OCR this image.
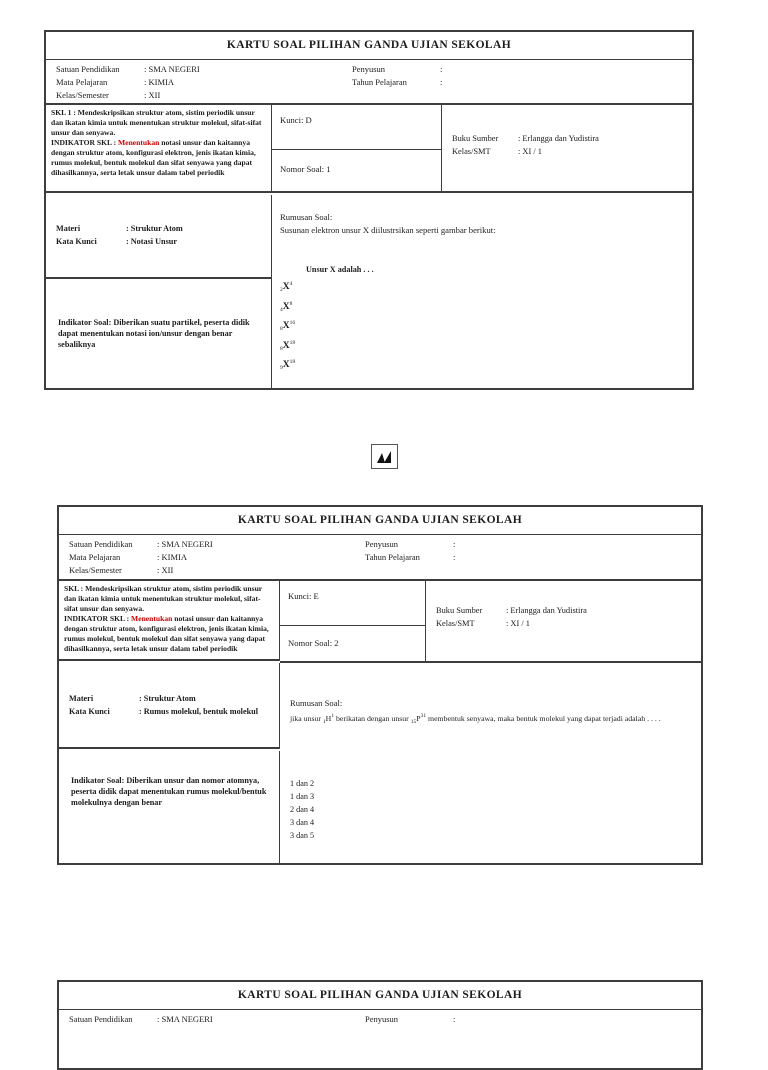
KARTU SOAL PILIHAN GANDA UJIAN SEKOLAH
Satuan Pendidikan	: SMA NEGERI
Mata Pelajaran	: KIMIA
Kelas/Semester	: XII
Penyusun	:
Tahun Pelajaran	:
SKL 1 : Mendeskripsikan struktur atom, sistim periodik unsur dan ikatan kimia untuk menentukan struktur molekul, sifat-sifat unsur dan senyawa.
INDIKATOR SKL : Menentukan notasi unsur dan kaitannya dengan struktur atom, konfigurasi elektron, jenis ikatan kimia, rumus molekul, bentuk molekul dan sifat senyawa yang dapat dihasilkannya, serta letak unsur dalam tabel periodik
Materi	: Struktur Atom
Kata Kunci	: Notasi Unsur
Indikator Soal: Diberikan suatu partikel, peserta didik dapat menentukan notasi ion/unsur dengan benar sebaliknya
Kunci: D
Nomor Soal: 1
Buku Sumber	: Erlangga dan Yudistira
Kelas/SMT	: XI / 1
Rumusan Soal:
Susunan elektron unsur X diilustrsikan seperti gambar berikut:
Unsur X adalah . . .
$_2X^4$
$_4X^8$
$_8X^{16}$
$_8X^{18}$
$_9X^{18}$
KARTU SOAL PILIHAN GANDA UJIAN SEKOLAH
Satuan Pendidikan	: SMA NEGERI
Mata Pelajaran	: KIMIA
Kelas/Semester	: XII
Penyusun	:
Tahun Pelajaran	:
SKL : Mendeskripsikan struktur atom, sistim periodik unsur dan ikatan kimia untuk menentukan struktur molekul, sifat-sifat unsur dan senyawa.
INDIKATOR SKL : Menentukan notasi unsur dan kaitannya dengan struktur atom, konfigurasi elektron, jenis ikatan kimia, rumus molekul, bentuk molekul dan sifat senyawa yang dapat dihasilkannya, serta letak unsur dalam tabel periodik
Materi	: Struktur Atom
Kata Kunci	: Rumus molekul, bentuk molekul
Indikator Soal: Diberikan unsur dan nomor atomnya, peserta didik dapat menentukan rumus molekul/bentuk molekulnya dengan benar
Kunci: E
Nomor Soal: 2
Buku Sumber	: Erlangga dan Yudistira
Kelas/SMT	: XI / 1
Rumusan Soal:
jika unsur $_1H^1$ berikatan dengan unsur $_{15}P^{31}$ membentuk senyawa, maka bentuk molekul yang dapat terjadi adalah . . . .
1 dan 2
1 dan 3
2 dan 4
3 dan 4
3 dan 5
KARTU SOAL PILIHAN GANDA UJIAN SEKOLAH
Satuan Pendidikan	: SMA NEGERI	Penyusun	:
